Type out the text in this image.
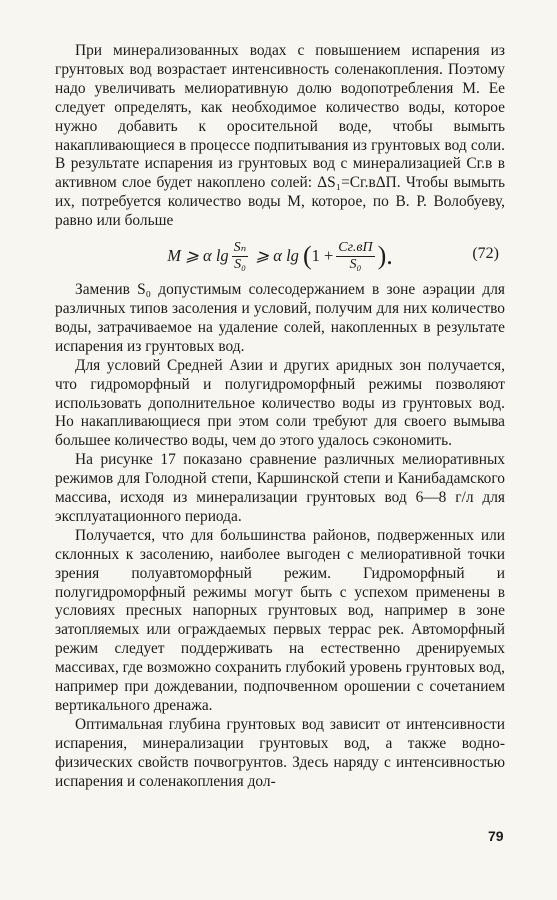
При минерализованных водах с повышением испарения из грунтовых вод возрастает интенсивность соленакопления. Поэтому надо увеличивать мелиоративную долю водопотребления М. Ее следует определять, как необходимое количество воды, которое нужно добавить к оросительной воде, чтобы вымыть накапливающиеся в процессе подпитывания из грунтовых вод соли. В результате испарения из грунтовых вод с минерализацией Cг.в в активном слое будет накоплено солей: ΔS₁=Cг.вΔП. Чтобы вымыть их, потребуется количество воды М, которое, по В. Р. Волобуеву, равно или больше

M ⩾ α $\lg \frac{\text{Sₙ}}{\text{S₀}}$ ⩾ α lg ( $1 + \frac{Cг.вП}{\text{S₀}}$ ).	(72)

Заменив S₀ допустимым солесодержанием в зоне аэрации для различных типов засоления и условий, получим для них количество воды, затрачиваемое на удаление солей, накопленных в результате испарения из грунтовых вод.

Для условий Средней Азии и других аридных зон получается, что гидроморфный и полугидроморфный режимы позволяют использовать дополнительное количество воды из грунтовых вод. Но накапливающиеся при этом соли требуют для своего вымыва большее количество воды, чем до этого удалось сэкономить.

На рисунке 17 показано сравнение различных мелиоративных режимов для Голодной степи, Каршинской степи и Канибадамского массива, исходя из минерализации грунтовых вод 6—8 г/л для эксплуатационного периода.

Получается, что для большинства районов, подверженных или склонных к засолению, наиболее выгоден с мелиоративной точки зрения полуавтоморфный режим. Гидроморфный и полугидроморфный режимы могут быть с успехом применены в условиях пресных напорных грунтовых вод, например в зоне затопляемых или ограждаемых первых террас рек. Автоморфный режим следует поддерживать на естественно дренируемых массивах, где возможно сохранить глубокий уровень грунтовых вод, например при дождевании, подпочвенном орошении с сочетанием вертикального дренажа.

Оптимальная глубина грунтовых вод зависит от интенсивности испарения, минерализации грунтовых вод, а также водно-физических свойств почвогрунтов. Здесь наряду с интенсивностью испарения и соленакопления дол-

79
